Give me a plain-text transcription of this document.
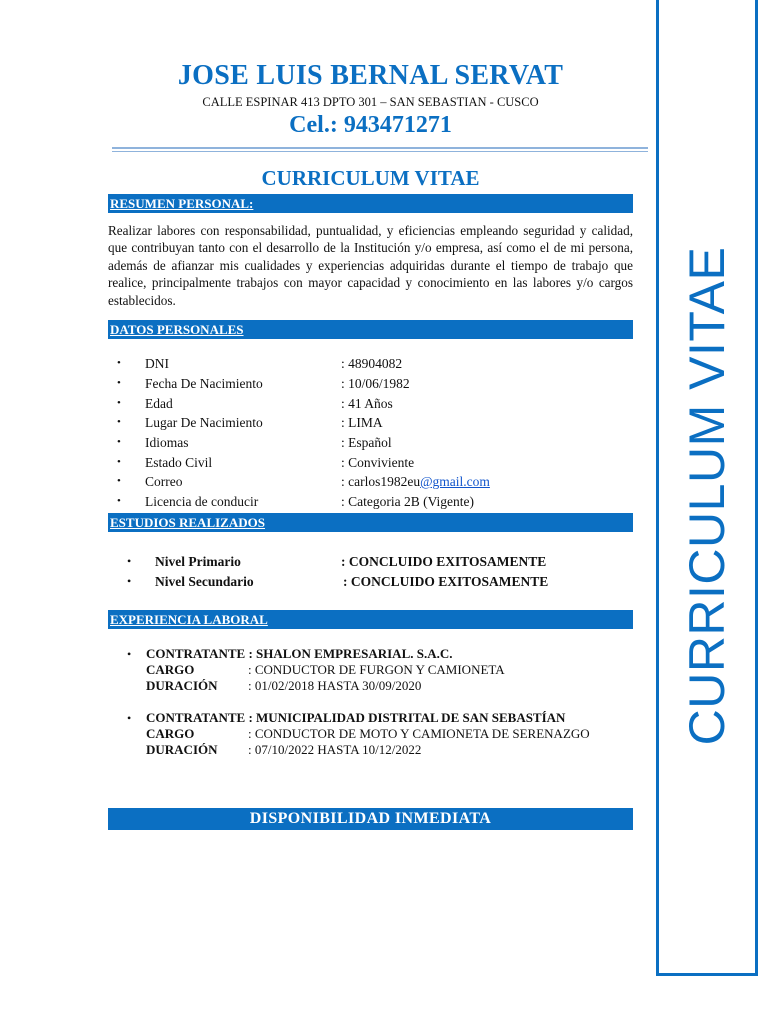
JOSE LUIS BERNAL SERVAT
CALLE ESPINAR 413 DPTO 301 – SAN SEBASTIAN - CUSCO
Cel.: 943471271
CURRICULUM VITAE
RESUMEN PERSONAL:
Realizar labores con responsabilidad, puntualidad, y eficiencias empleando seguridad y calidad, que contribuyan tanto con el desarrollo de la Institución y/o empresa, así como el de mi persona, además de afianzar mis cualidades y experiencias adquiridas durante el tiempo de trabajo que realice, principalmente trabajos con mayor capacidad y conocimiento en las labores y/o cargos establecidos.
DATOS PERSONALES
• DNI	: 48904082
• Fecha De Nacimiento	: 10/06/1982
• Edad	: 41 Años
• Lugar De Nacimiento	: LIMA
• Idiomas	: Español
• Estado Civil	: Conviviente
• Correo	: carlos1982eu@gmail.com
• Licencia de conducir	: Categoria 2B (Vigente)
ESTUDIOS REALIZADOS
• Nivel Primario	: CONCLUIDO EXITOSAMENTE
• Nivel Secundario	: CONCLUIDO EXITOSAMENTE
EXPERIENCIA LABORAL
• CONTRATANTE : SHALON EMPRESARIAL. S.A.C.
CARGO	: CONDUCTOR DE FURGON Y CAMIONETA
DURACIÓN : 01/02/2018 HASTA 30/09/2020
• CONTRATANTE : MUNICIPALIDAD DISTRITAL DE SAN SEBASTÍAN
CARGO	: CONDUCTOR DE MOTO Y CAMIONETA DE SERENAZGO
DURACIÓN : 07/10/2022 HASTA 10/12/2022
DISPONIBILIDAD INMEDIATA
CURRICULUM VITAE
